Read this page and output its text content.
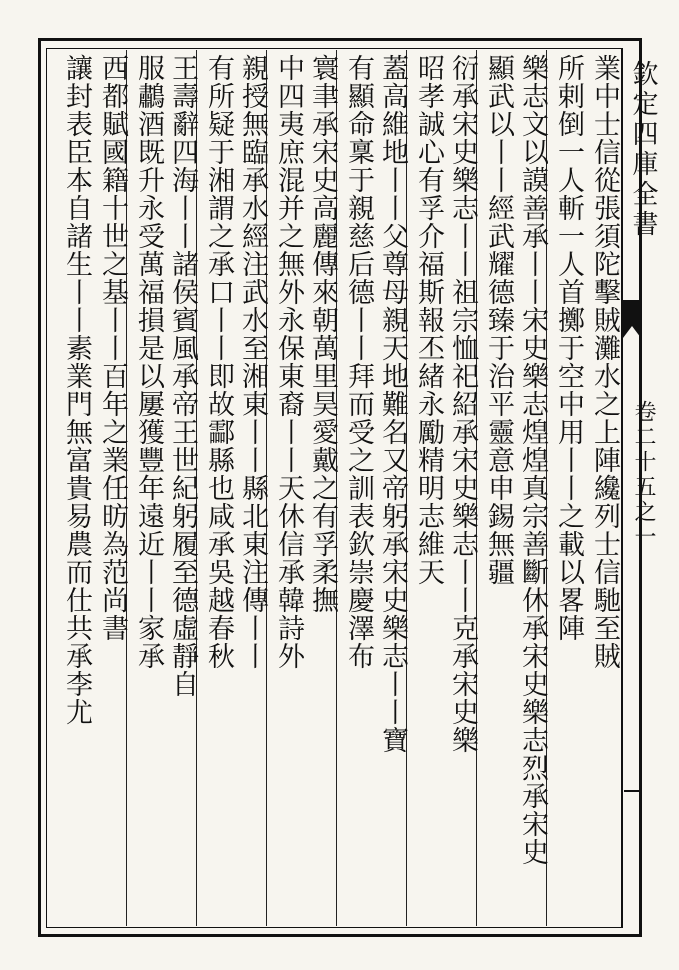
欽定四庫全書
卷二十五之一
業中士信從張須陀擊賊灘水之上陣纔列士信馳至賊
所剌倒一人斬一人首擲于空中用丨丨之載以畧陣
樂志文以謨善承丨丨宋史樂志煌煌真宗善斷休承宋史樂志烈承宋史
顯武以丨丨經武耀德臻于治平靈意申錫無疆
衍承宋史樂志丨丨祖宗恤祀紹承宋史樂志丨丨克承宋史樂
昭孝誠心有孚介福斯報丕緒永勵精明志維天
蓋高維地丨丨父尊母親天地難名又帝躬承宋史樂志丨丨寶
有顯命稟于親慈后德丨丨拜而受之訓表欽崇慶澤布
寰聿承宋史高麗傳來朝萬里昊愛戴之有孚柔撫
中四夷庶混并之無外永保東裔丨丨天休信承韓詩外
親授無臨承水經注武水至湘東丨丨縣北東注傳丨丨
有所疑于湘謂之承口丨丨即故酃縣也咸承吳越春秋
王壽辭四海丨丨諸侯賓風承帝王世紀躬履至德虛靜自
服鷫酒既升永受萬福損是以屢獲豐年遠近丨丨家承
西都賦國籍十世之基丨丨百年之業任昉為范尚書
讓封表臣本自諸生丨丨素業門無富貴易農而仕共承李尤
